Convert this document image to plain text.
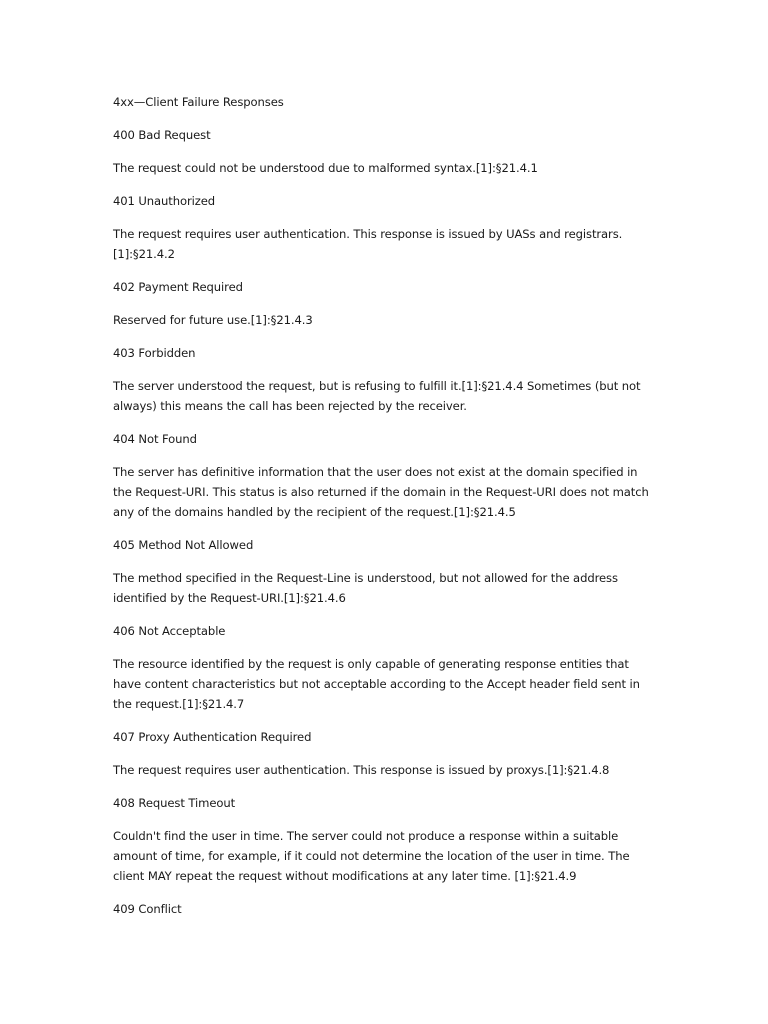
4xx—Client Failure Responses

400 Bad Request

The request could not be understood due to malformed syntax.[1]:§21.4.1

401 Unauthorized

The request requires user authentication. This response is issued by UASs and registrars. [1]:§21.4.2

402 Payment Required

Reserved for future use.[1]:§21.4.3

403 Forbidden

The server understood the request, but is refusing to fulfill it.[1]:§21.4.4 Sometimes (but not always) this means the call has been rejected by the receiver.

404 Not Found

The server has definitive information that the user does not exist at the domain specified in the Request-URI. This status is also returned if the domain in the Request-URI does not match any of the domains handled by the recipient of the request.[1]:§21.4.5

405 Method Not Allowed

The method specified in the Request-Line is understood, but not allowed for the address identified by the Request-URI.[1]:§21.4.6

406 Not Acceptable

The resource identified by the request is only capable of generating response entities that have content characteristics but not acceptable according to the Accept header field sent in the request.[1]:§21.4.7

407 Proxy Authentication Required

The request requires user authentication. This response is issued by proxys.[1]:§21.4.8

408 Request Timeout

Couldn't find the user in time. The server could not produce a response within a suitable amount of time, for example, if it could not determine the location of the user in time. The client MAY repeat the request without modifications at any later time. [1]:§21.4.9

409 Conflict
